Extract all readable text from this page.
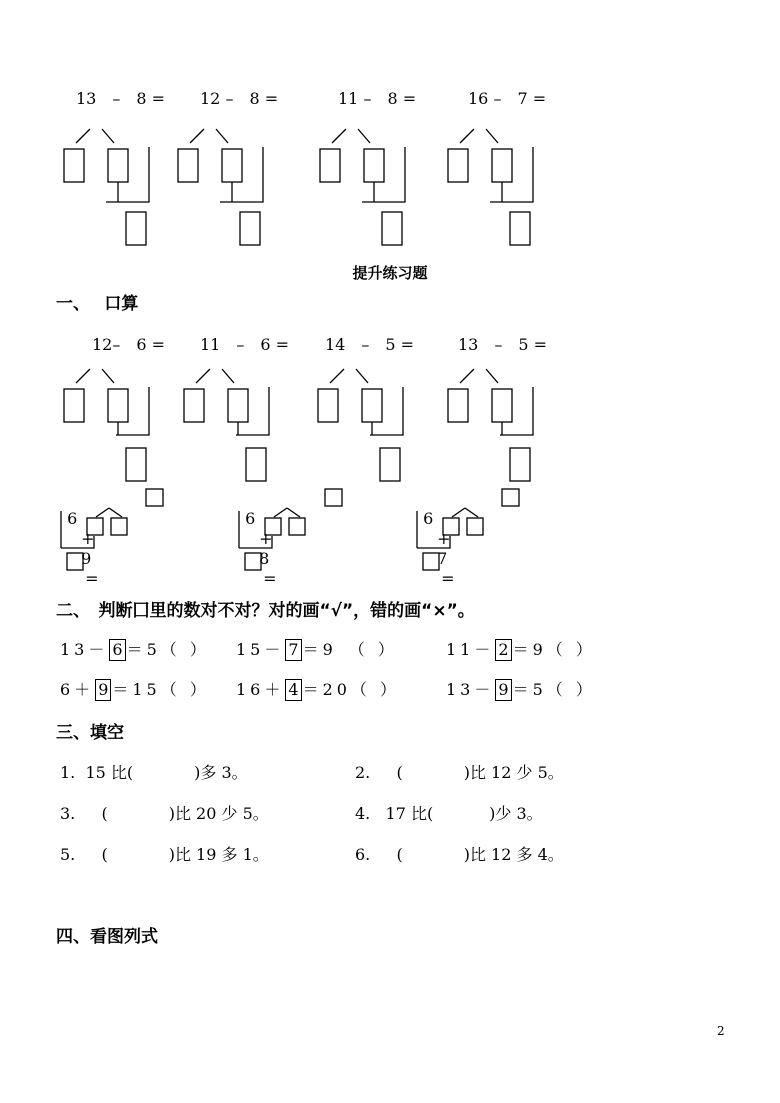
13　–　8 = 12 –　8 =	11 –　8 =	16 –　7 =
提升练习题
一、　 口算
12–　6 = 11　–　6 = 14　–　5 =	13　–　5 =

6
+
9
=

6
+
8
=

6
+
7
=

二、　判断囗里的数对不对？对的画“√”，错的画“×”。
13－ 6 ＝5（ ） 15－ 7 ＝9　（ ）	11－ 2 ＝9（ ）
6＋ 9 ＝15（ ） 16＋ 4 ＝20（ ）	13－ 9 ＝5（ ）
三、填空
1.  15 比(            )多 3。	2.　  (            )比 12 少 5。
3.　  (            )比 20 少 5。	4.   17 比(           )少 3。
5.　  (            )比 19 多 1。	6.　  (            )比 12 多 4。
四、看图列式
2
